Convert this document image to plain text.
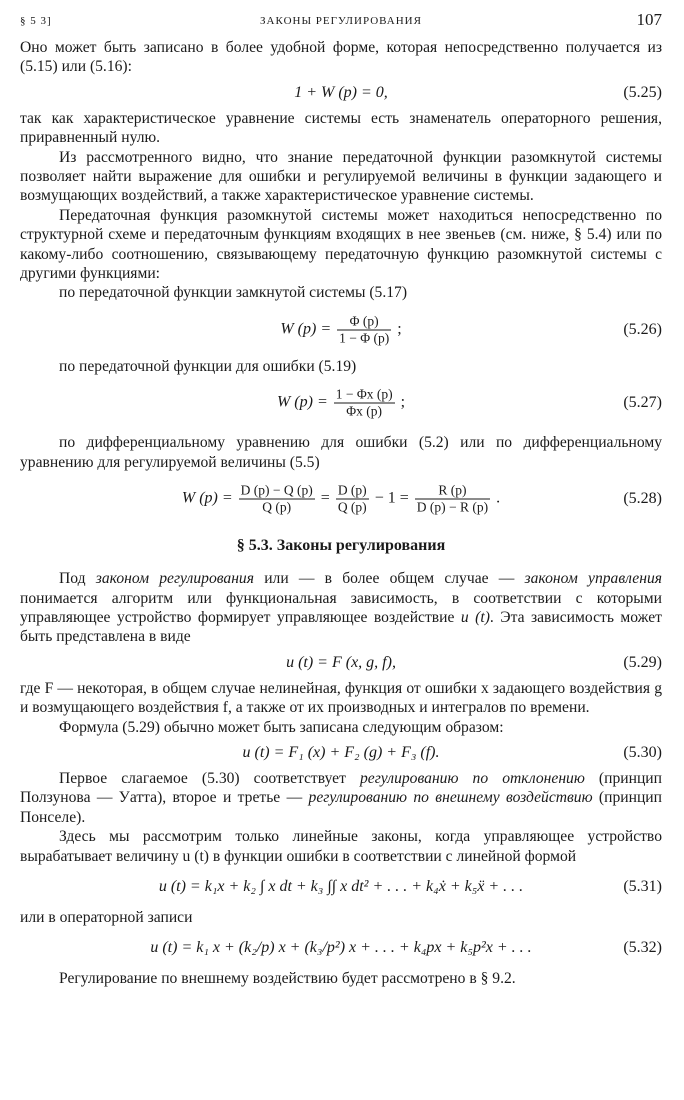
§ 5 3]	ЗАКОНЫ РЕГУЛИРОВАНИЯ	107

Оно может быть записано в более удобной форме, которая непосредственно получается из (5.15) или (5.16):

1 + W (p) = 0,	(5.25)

так как характеристическое уравнение системы есть знаменатель операторного решения, приравненный нулю.

Из рассмотренного видно, что знание передаточной функции разомкнутой системы позволяет найти выражение для ошибки и регулируемой величины в функции задающего и возмущающих воздействий, а также характеристическое уравнение системы.

Передаточная функция разомкнутой системы может находиться непосредственно по структурной схеме и передаточным функциям входящих в нее звеньев (см. ниже, § 5.4) или по какому-либо соотношению, связывающему передаточную функцию разомкнутой системы с другими функциями:

по передаточной функции замкнутой системы (5.17)

W $(p) = \frac{\Phi (p)}{1 - \Phi (p)}$ ;	(5.26)

по передаточной функции для ошибки (5.19)

W $(p) = \frac{1 - \Phi x (p)}{\Phi x (p)}$ ;	(5.27)

по дифференциальному уравнению для ошибки (5.2) или по дифференциальному уравнению для регулируемой величины (5.5)

W $(p) = \frac{D (p) - Q (p)}{Q (p)} = \frac{D (p)}{Q (p)} - 1 = \frac{R (p)}{D (p) - R (p)}$ .	(5.28)
§ 5.3. Законы регулирования

Под законом регулирования или — в более общем случае — законом управления понимается алгоритм или функциональная зависимость, в соответствии с которыми управляющее устройство формирует управляющее воздействие u (t). Эта зависимость может быть представлена в виде

u (t) = F (x, g, f),	(5.29)

где F — некоторая, в общем случае нелинейная, функция от ошибки x задающего воздействия g и возмущающего воздействия f, а также от их производных и интегралов по времени.

Формула (5.29) обычно может быть записана следующим образом:

u (t) = F₁ (x) + F₂ (g) + F₃ (f).	(5.30)

Первое слагаемое (5.30) соответствует регулированию по отклонению (принцип Ползунова — Уатта), второе и третье — регулированию по внешнему воздействию (принцип Понселе).

Здесь мы рассмотрим только линейные законы, когда управляющее устройство вырабатывает величину u (t) в функции ошибки в соответствии с линейной формой

u (t) = k₁x + k₂ ∫ x dt + k₃ ∫∫ x dt² + . . . + k₄ẋ + k₅ẍ + . . .	(5.31)

или в операторной записи

u (t) = k₁ x + (k₂/p) x + (k₃/p²) x + . . . + k₄px + k₅p²x + . . .	(5.32)

Регулирование по внешнему воздействию будет рассмотрено в § 9.2.
